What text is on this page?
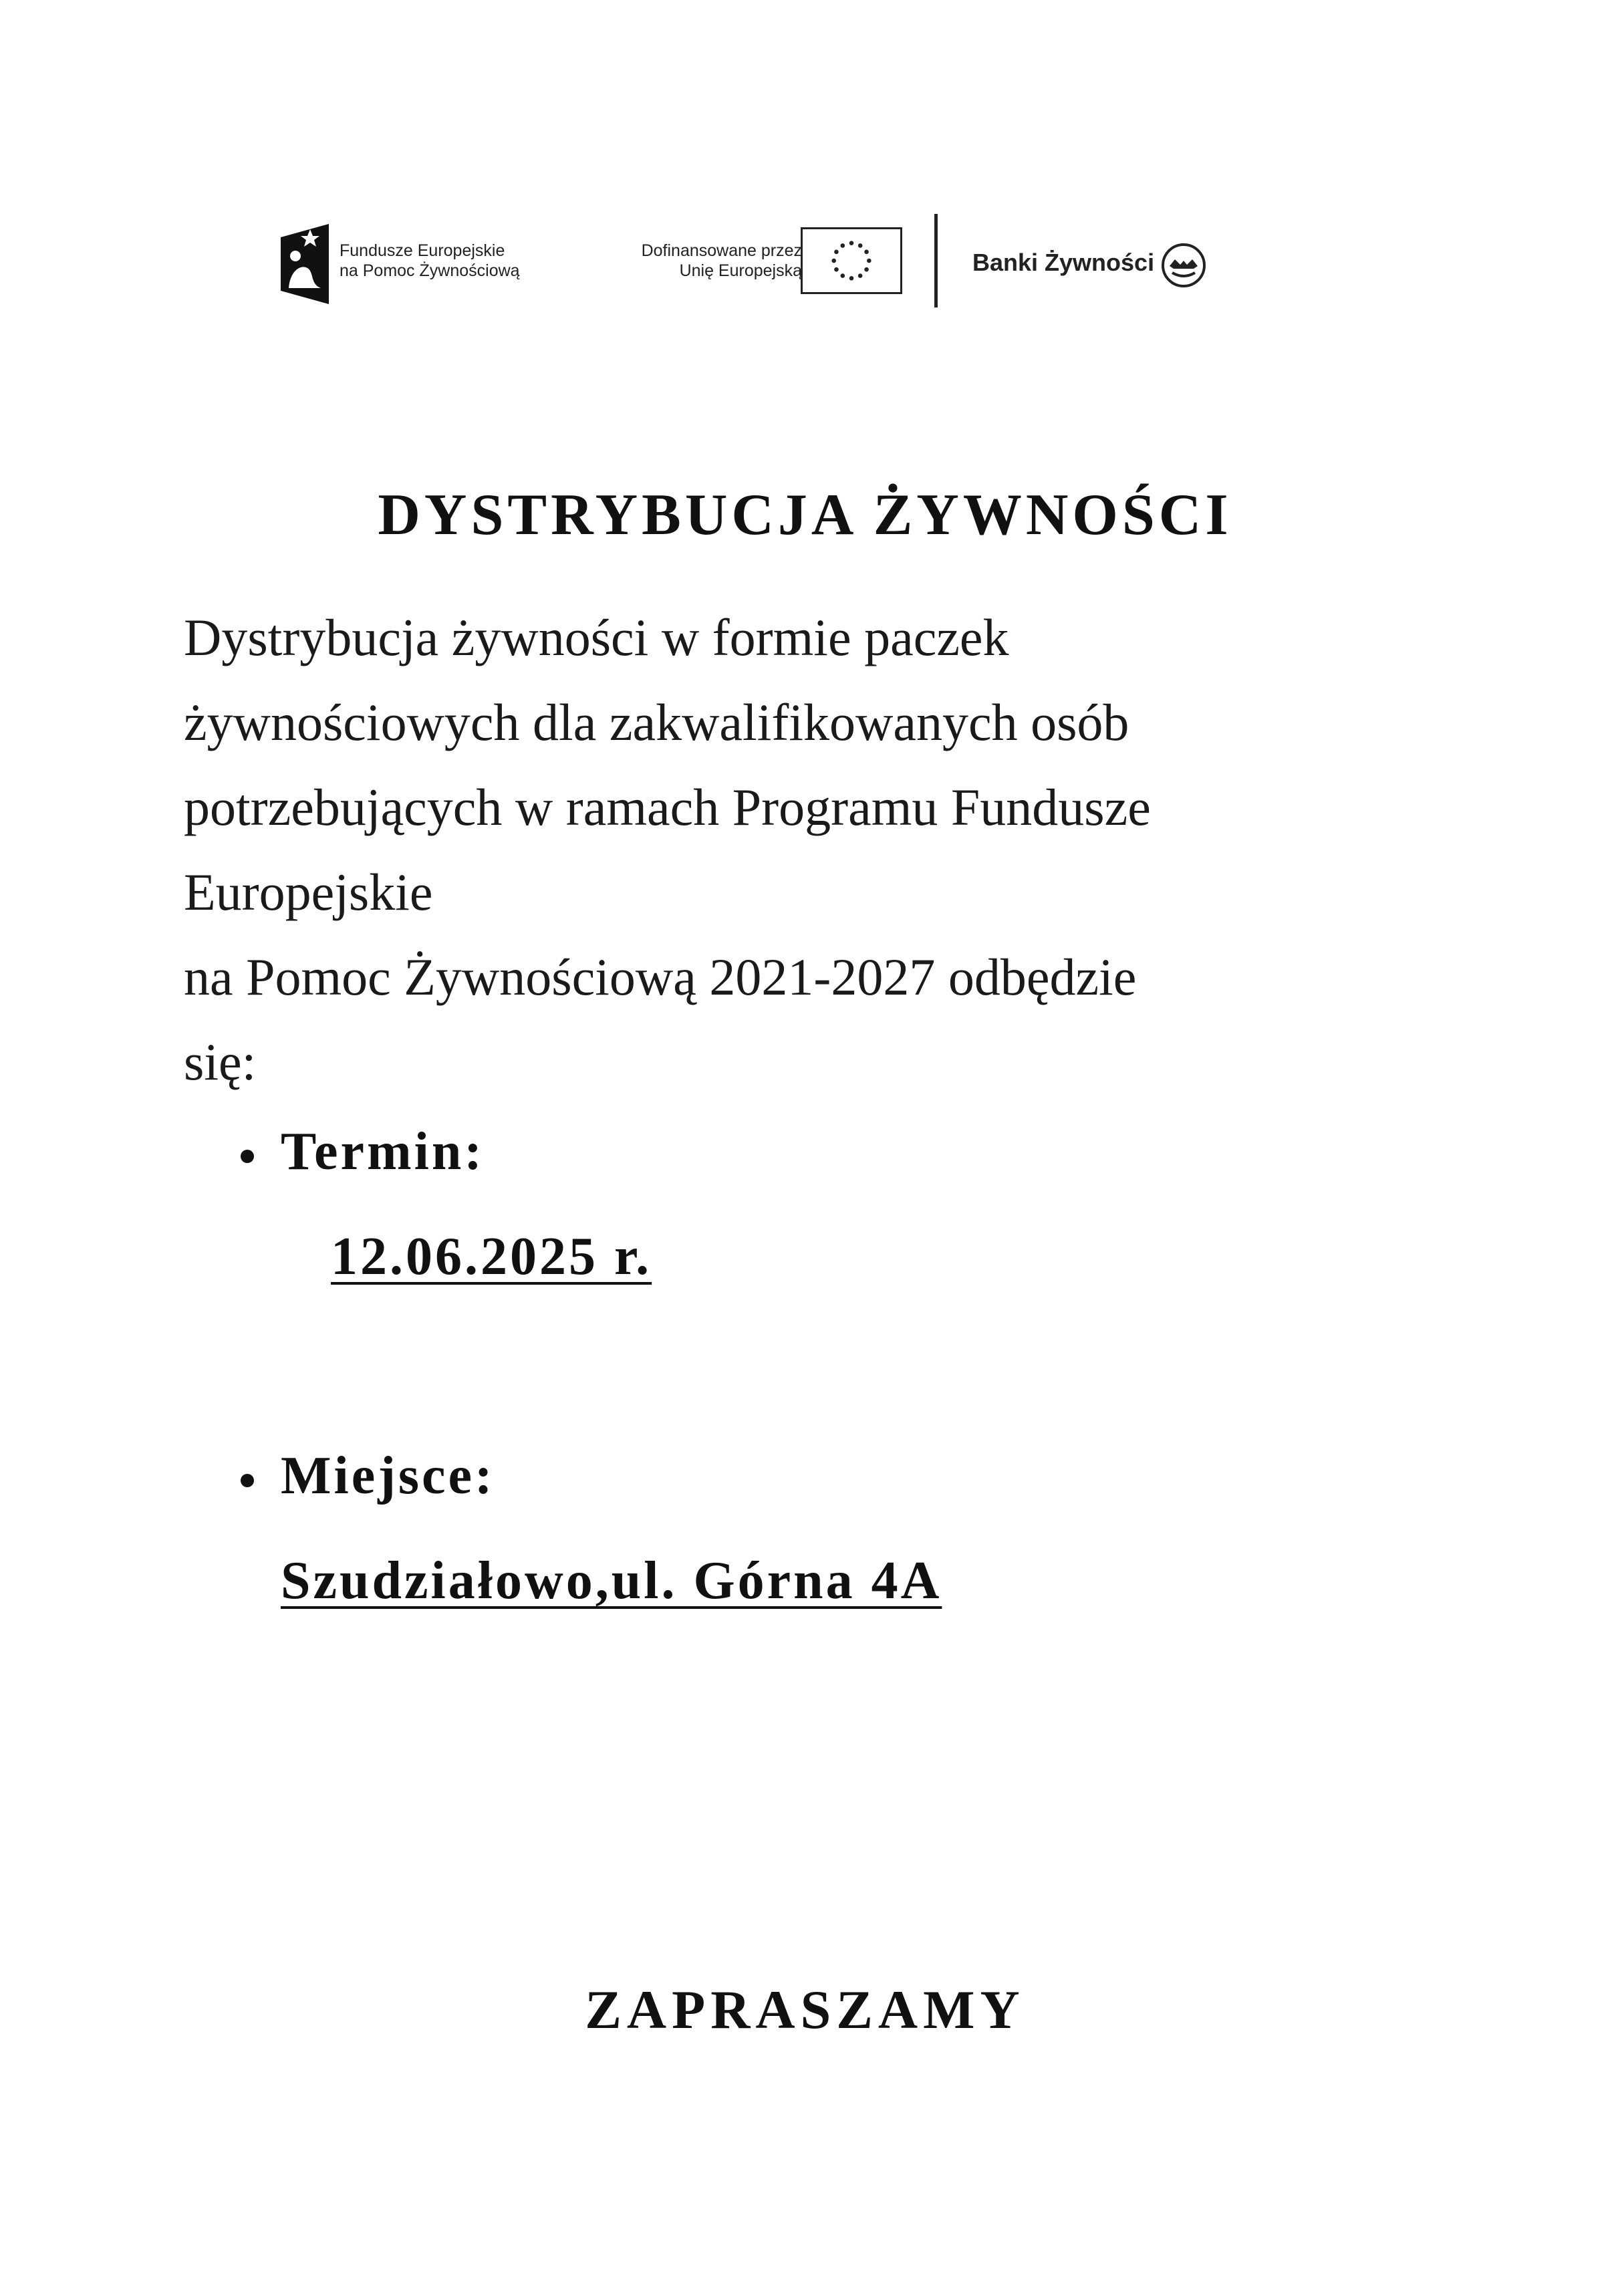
Fundusze Europejskie
na Pomoc Żywnościową
Dofinansowane przez
Unię Europejską	Banki Żywności
DYSTRYBUCJA ŻYWNOŚCI
Dystrybucja żywności w formie paczek
żywnościowych dla zakwalifikowanych osób
potrzebujących w ramach Programu Fundusze
Europejskie
na Pomoc Żywnościową 2021-2027 odbędzie
się:
Termin:
12.06.2025 r.
Miejsce:
Szudziałowo,ul. Górna 4A
ZAPRASZAMY
